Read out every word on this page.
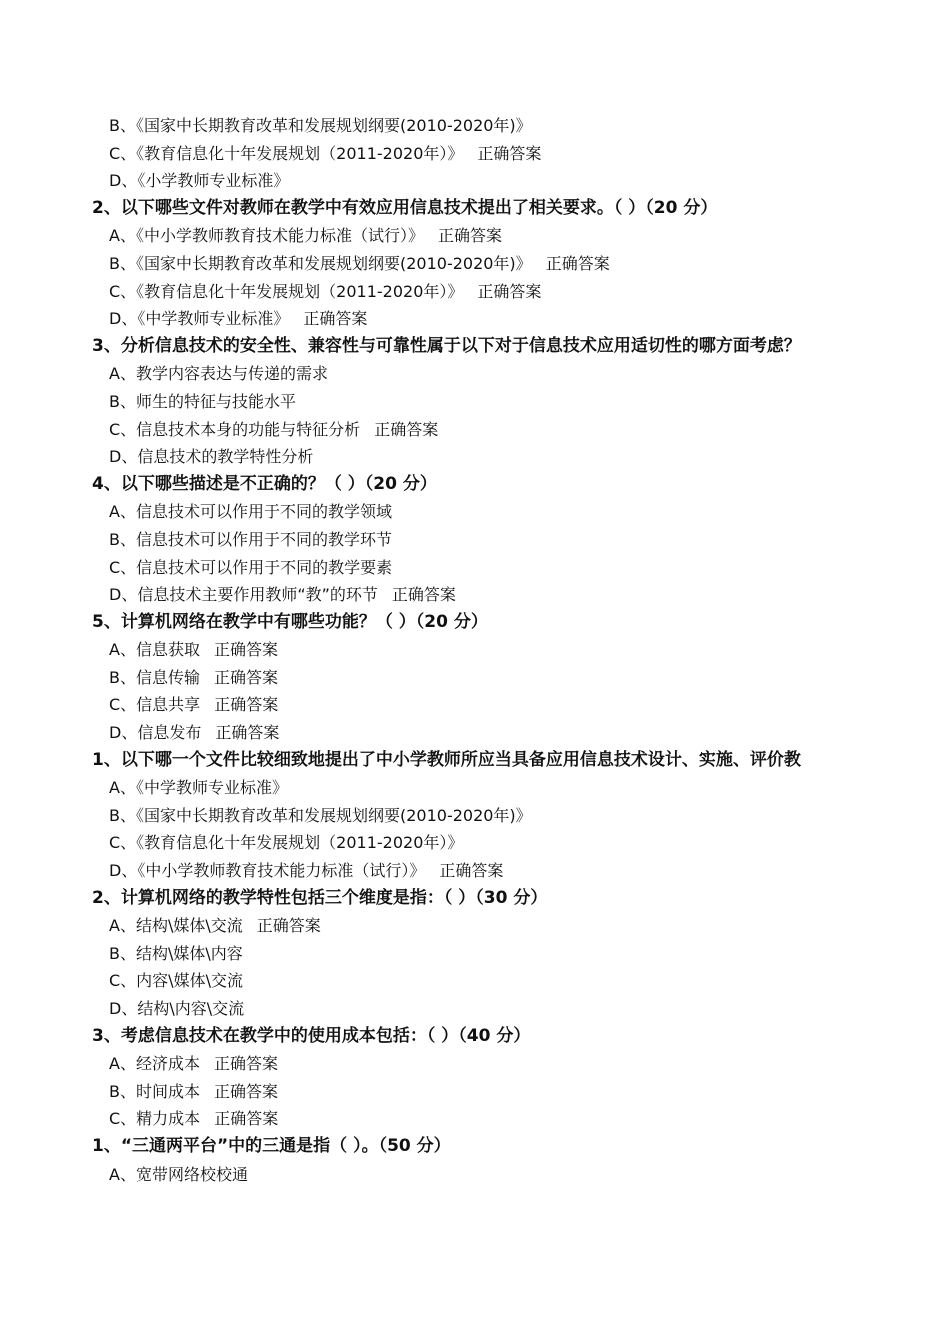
B、《国家中长期教育改革和发展规划纲要(2010-2020年)》
C、《教育信息化十年发展规划（2011-2020年）》 正确答案
D、《小学教师专业标准》
2、以下哪些文件对教师在教学中有效应用信息技术提出了相关要求。（ ）（20 分）
A、《中小学教师教育技术能力标准（试行）》 正确答案
B、《国家中长期教育改革和发展规划纲要(2010-2020年)》 正确答案
C、《教育信息化十年发展规划（2011-2020年）》 正确答案
D、《中学教师专业标准》 正确答案
3、分析信息技术的安全性、兼容性与可靠性属于以下对于信息技术应用适切性的哪方面考虑？
A、教学内容表达与传递的需求
B、师生的特征与技能水平
C、信息技术本身的功能与特征分析 正确答案
D、信息技术的教学特性分析
4、以下哪些描述是不正确的？（ ）（20 分）
A、信息技术可以作用于不同的教学领域
B、信息技术可以作用于不同的教学环节
C、信息技术可以作用于不同的教学要素
D、信息技术主要作用教师“教”的环节 正确答案
5、计算机网络在教学中有哪些功能？（ ）（20 分）
A、信息获取 正确答案
B、信息传输 正确答案
C、信息共享 正确答案
D、信息发布 正确答案
1、以下哪一个文件比较细致地提出了中小学教师所应当具备应用信息技术设计、实施、评价教
A、《中学教师专业标准》
B、《国家中长期教育改革和发展规划纲要(2010-2020年)》
C、《教育信息化十年发展规划（2011-2020年）》
D、《中小学教师教育技术能力标准（试行）》 正确答案
2、计算机网络的教学特性包括三个维度是指：（ ）（30 分）
A、结构\媒体\交流 正确答案
B、结构\媒体\内容
C、内容\媒体\交流
D、结构\内容\交流
3、考虑信息技术在教学中的使用成本包括：（ ）（40 分）
A、经济成本 正确答案
B、时间成本 正确答案
C、精力成本 正确答案
1、“三通两平台”中的三通是指（ ）。（50 分）
A、宽带网络校校通
